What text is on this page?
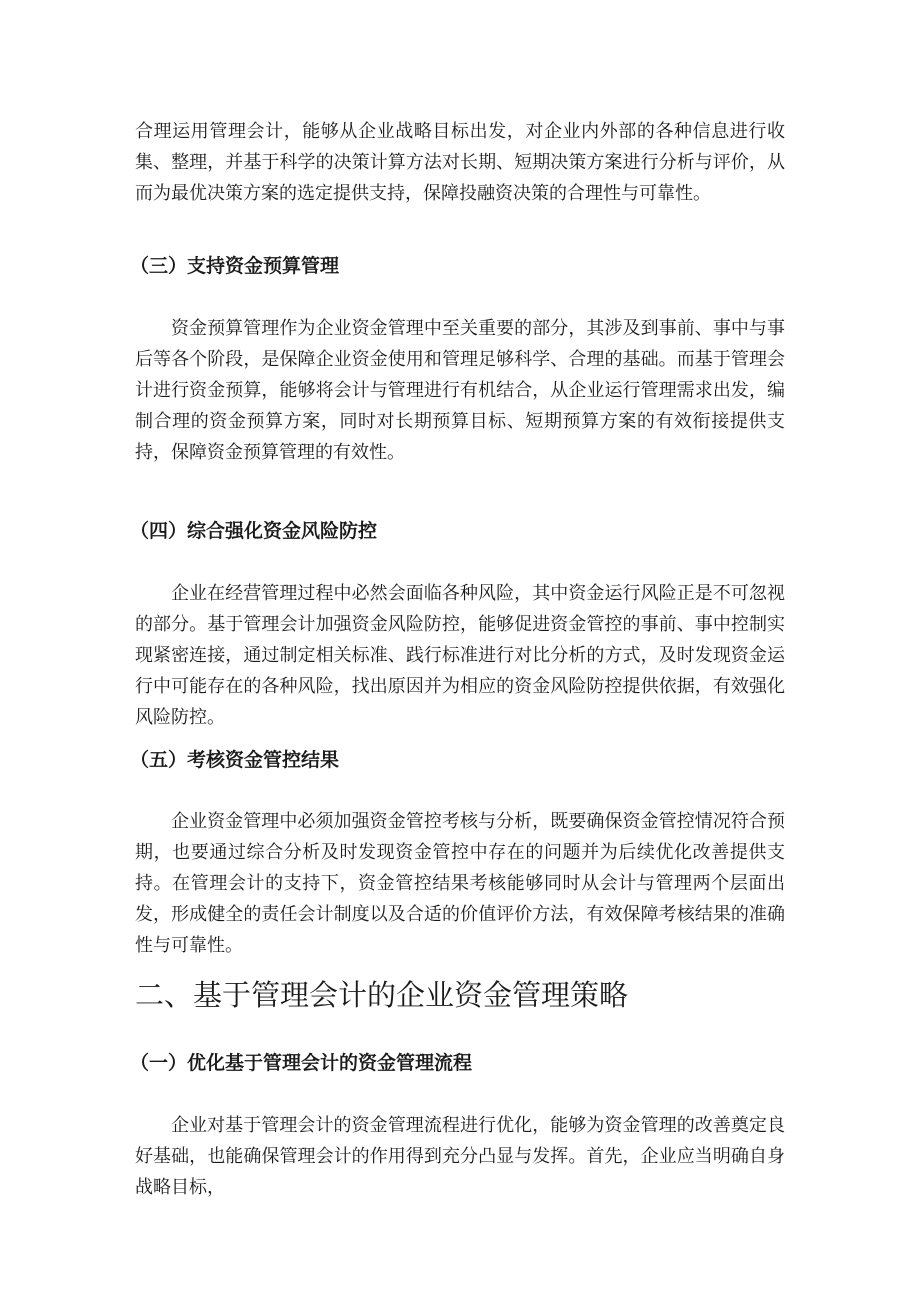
合理运用管理会计，能够从企业战略目标出发，对企业内外部的各种信息进行收集、整理，并基于科学的决策计算方法对长期、短期决策方案进行分析与评价，从而为最优决策方案的选定提供支持，保障投融资决策的合理性与可靠性。

（三）支持资金预算管理

资金预算管理作为企业资金管理中至关重要的部分，其涉及到事前、事中与事后等各个阶段，是保障企业资金使用和管理足够科学、合理的基础。而基于管理会计进行资金预算，能够将会计与管理进行有机结合，从企业运行管理需求出发，编制合理的资金预算方案，同时对长期预算目标、短期预算方案的有效衔接提供支持，保障资金预算管理的有效性。

（四）综合强化资金风险防控

企业在经营管理过程中必然会面临各种风险，其中资金运行风险正是不可忽视的部分。基于管理会计加强资金风险防控，能够促进资金管控的事前、事中控制实现紧密连接，通过制定相关标准、践行标准进行对比分析的方式，及时发现资金运行中可能存在的各种风险，找出原因并为相应的资金风险防控提供依据，有效强化风险防控。

（五）考核资金管控结果

企业资金管理中必须加强资金管控考核与分析，既要确保资金管控情况符合预期，也要通过综合分析及时发现资金管控中存在的问题并为后续优化改善提供支持。在管理会计的支持下，资金管控结果考核能够同时从会计与管理两个层面出发，形成健全的责任会计制度以及合适的价值评价方法，有效保障考核结果的准确性与可靠性。

二、基于管理会计的企业资金管理策略
（一）优化基于管理会计的资金管理流程

企业对基于管理会计的资金管理流程进行优化，能够为资金管理的改善奠定良好基础，也能确保管理会计的作用得到充分凸显与发挥。首先，企业应当明确自身战略目标，
